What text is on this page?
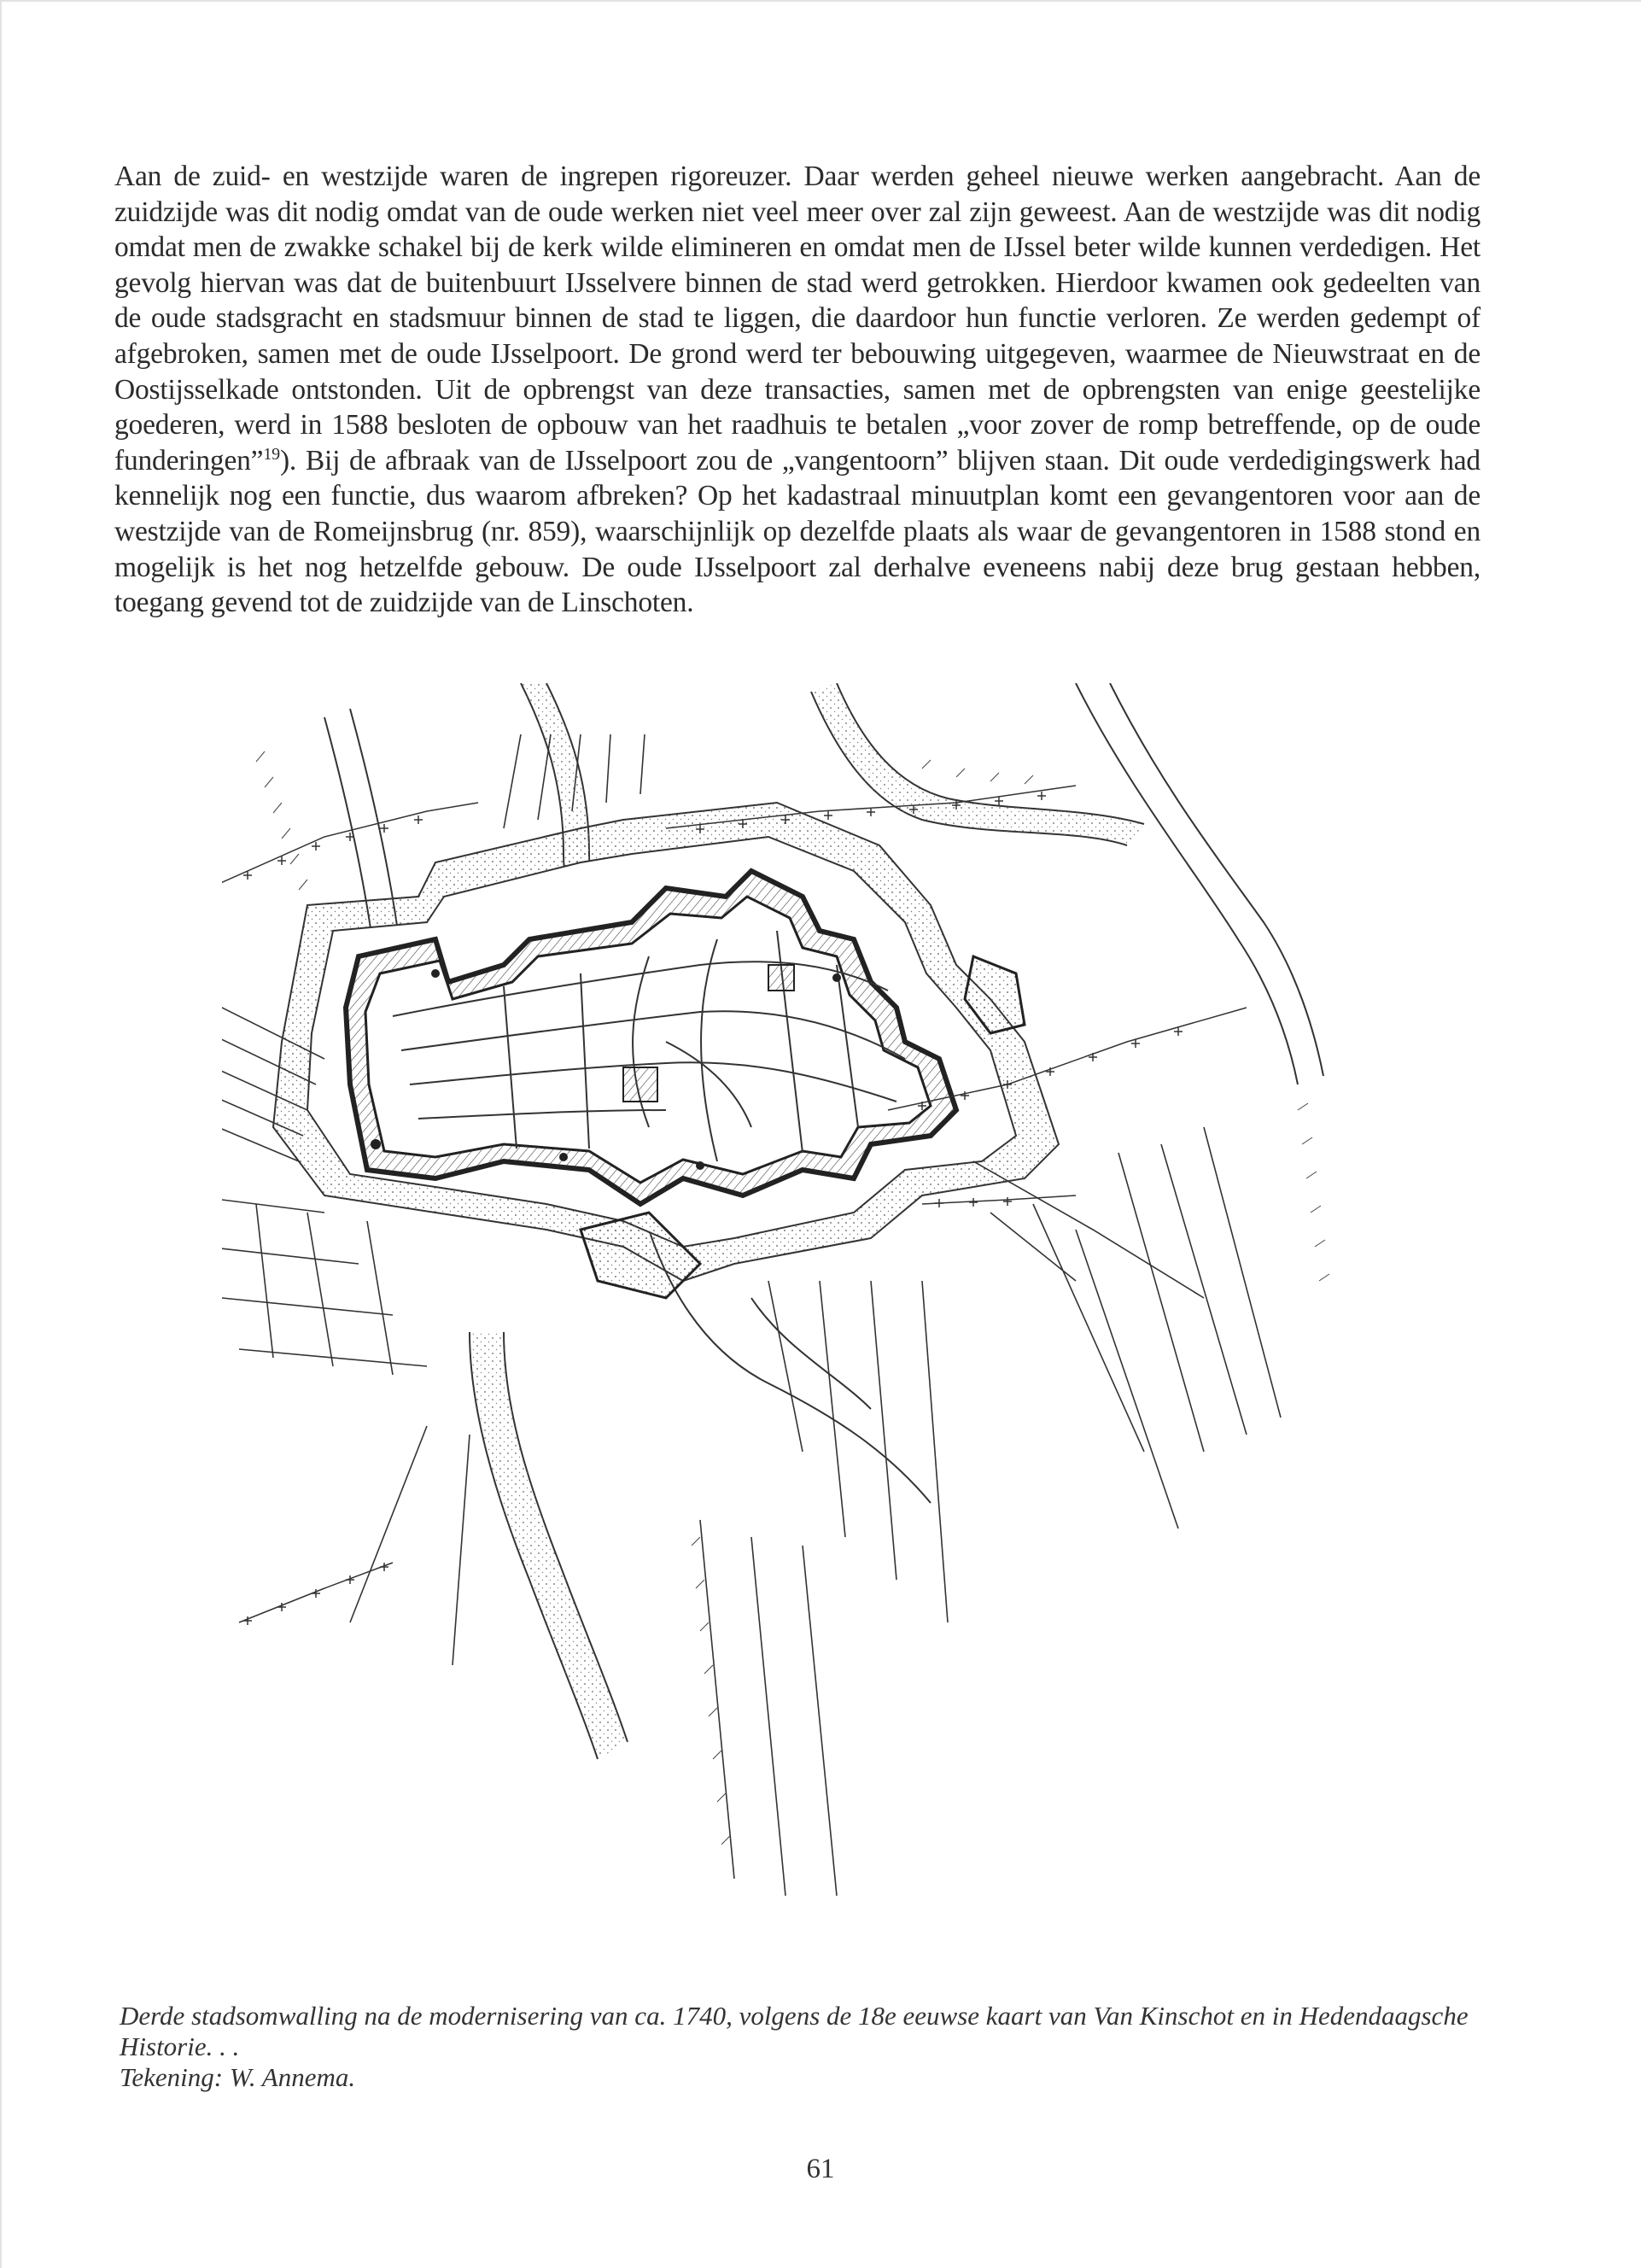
Aan de zuid- en westzijde waren de ingrepen rigoreuzer. Daar werden geheel nieuwe werken aangebracht. Aan de zuidzijde was dit nodig omdat van de oude werken niet veel meer over zal zijn geweest. Aan de westzijde was dit nodig omdat men de zwakke schakel bij de kerk wilde elimineren en omdat men de IJssel beter wilde kunnen verdedigen. Het gevolg hiervan was dat de buitenbuurt IJsselvere binnen de stad werd getrokken. Hierdoor kwamen ook gedeelten van de oude stadsgracht en stadsmuur binnen de stad te liggen, die daardoor hun functie verloren. Ze werden gedempt of afgebroken, samen met de oude IJsselpoort. De grond werd ter bebouwing uitgegeven, waarmee de Nieuwstraat en de Oostijsselkade ontstonden. Uit de opbrengst van deze transacties, samen met de opbrengsten van enige geestelijke goederen, werd in 1588 besloten de opbouw van het raadhuis te betalen „voor zover de romp betreffende, op de oude funderingen”$^{19}$). Bij de afbraak van de IJsselpoort zou de „vangentoorn” blijven staan. Dit oude verdedigingswerk had kennelijk nog een functie, dus waarom afbreken? Op het kadastraal minuutplan komt een gevangentoren voor aan de westzijde van de Romeijnsbrug (nr. 859), waarschijnlijk op dezelfde plaats als waar de gevangentoren in 1588 stond en mogelijk is het nog hetzelfde gebouw. De oude IJsselpoort zal derhalve eveneens nabij deze brug gestaan hebben, toegang gevend tot de zuidzijde van de Linschoten.

Derde stadsomwalling na de modernisering van ca. 1740, volgens de 18e eeuwse kaart van Van Kinschot en in Hedendaagsche Historie. . .
Tekening: W. Annema.
61
